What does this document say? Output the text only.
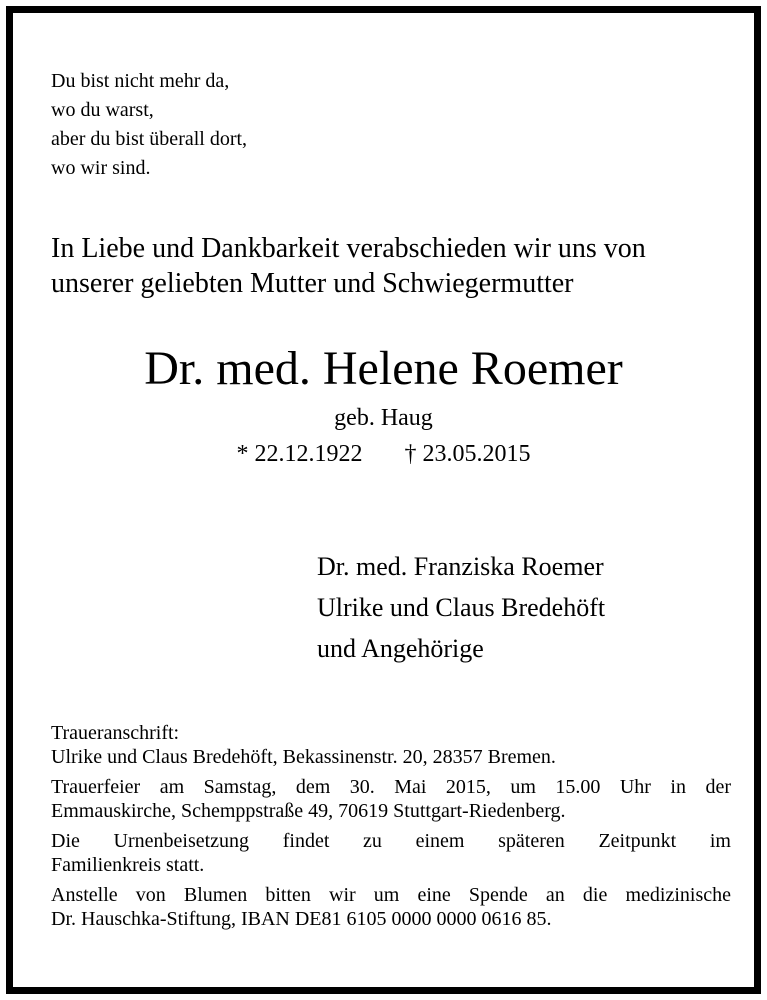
Du bist nicht mehr da,
wo du warst,
aber du bist überall dort,
wo wir sind.
In Liebe und Dankbarkeit verabschieden wir uns von
unserer geliebten Mutter und Schwiegermutter
Dr. med. Helene Roemer
geb. Haug
* 22.12.1922 † 23.05.2015
Dr. med. Franziska Roemer
Ulrike und Claus Bredehöft
und Angehörige
Traueranschrift:
Ulrike und Claus Bredehöft, Bekassinenstr. 20, 28357 Bremen.
Trauerfeier am Samstag, dem 30. Mai 2015, um 15.00 Uhr in der
Emmauskirche, Schemppstraße 49, 70619 Stuttgart-Riedenberg.
Die Urnenbeisetzung findet zu einem späteren Zeitpunkt im
Familienkreis statt.
Anstelle von Blumen bitten wir um eine Spende an die medizinische
Dr. Hauschka-Stiftung, IBAN DE81 6105 0000 0000 0616 85.
